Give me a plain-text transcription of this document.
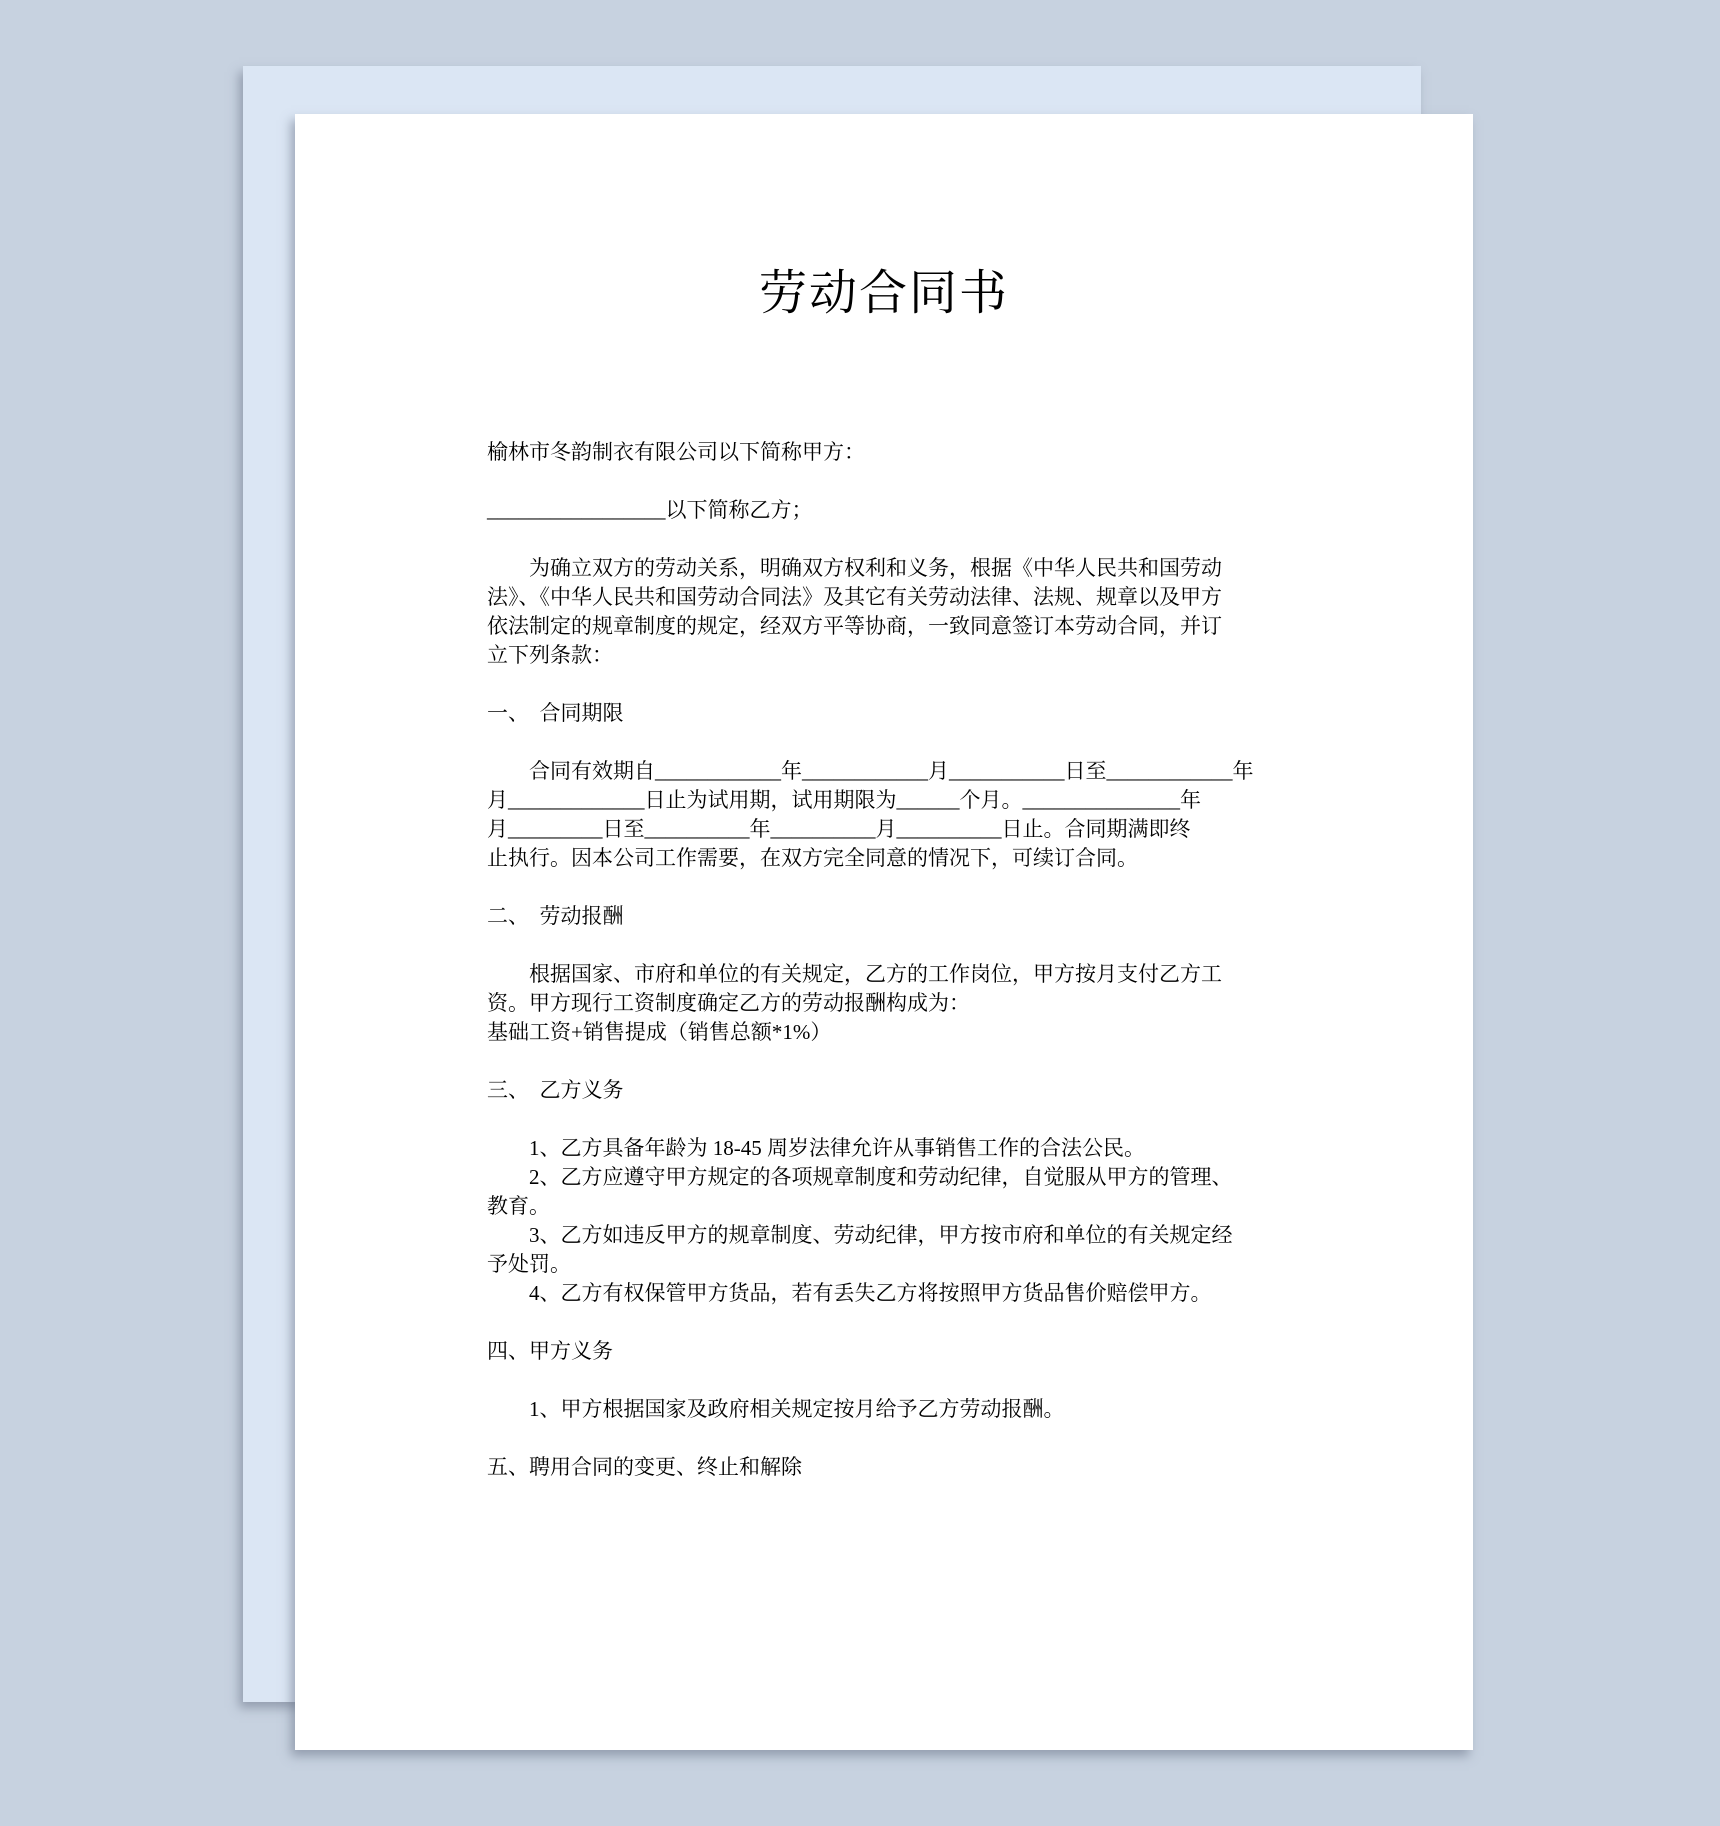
劳动合同书
榆林市冬韵制衣有限公司以下简称甲方：

_________________以下简称乙方；

为确立双方的劳动关系，明确双方权利和义务，根据《中华人民共和国劳动
法》、《中华人民共和国劳动合同法》及其它有关劳动法律、法规、规章以及甲方
依法制定的规章制度的规定，经双方平等协商，一致同意签订本劳动合同，并订
立下列条款：

一、　合同期限

合同有效期自____________年____________月___________日至____________年
月_____________日止为试用期，试用期限为______个月。_______________年
月_________日至__________年__________月__________日止。合同期满即终
止执行。因本公司工作需要，在双方完全同意的情况下，可续订合同。

二、　劳动报酬

根据国家、市府和单位的有关规定，乙方的工作岗位，甲方按月支付乙方工
资。甲方现行工资制度确定乙方的劳动报酬构成为：
基础工资+销售提成（销售总额*1%）

三、　乙方义务

1、乙方具备年龄为 18-45 周岁法律允许从事销售工作的合法公民。
2、乙方应遵守甲方规定的各项规章制度和劳动纪律，自觉服从甲方的管理、
教育。
3、乙方如违反甲方的规章制度、劳动纪律，甲方按市府和单位的有关规定经
予处罚。
4、乙方有权保管甲方货品，若有丢失乙方将按照甲方货品售价赔偿甲方。

四、甲方义务

1、甲方根据国家及政府相关规定按月给予乙方劳动报酬。

五、聘用合同的变更、终止和解除
